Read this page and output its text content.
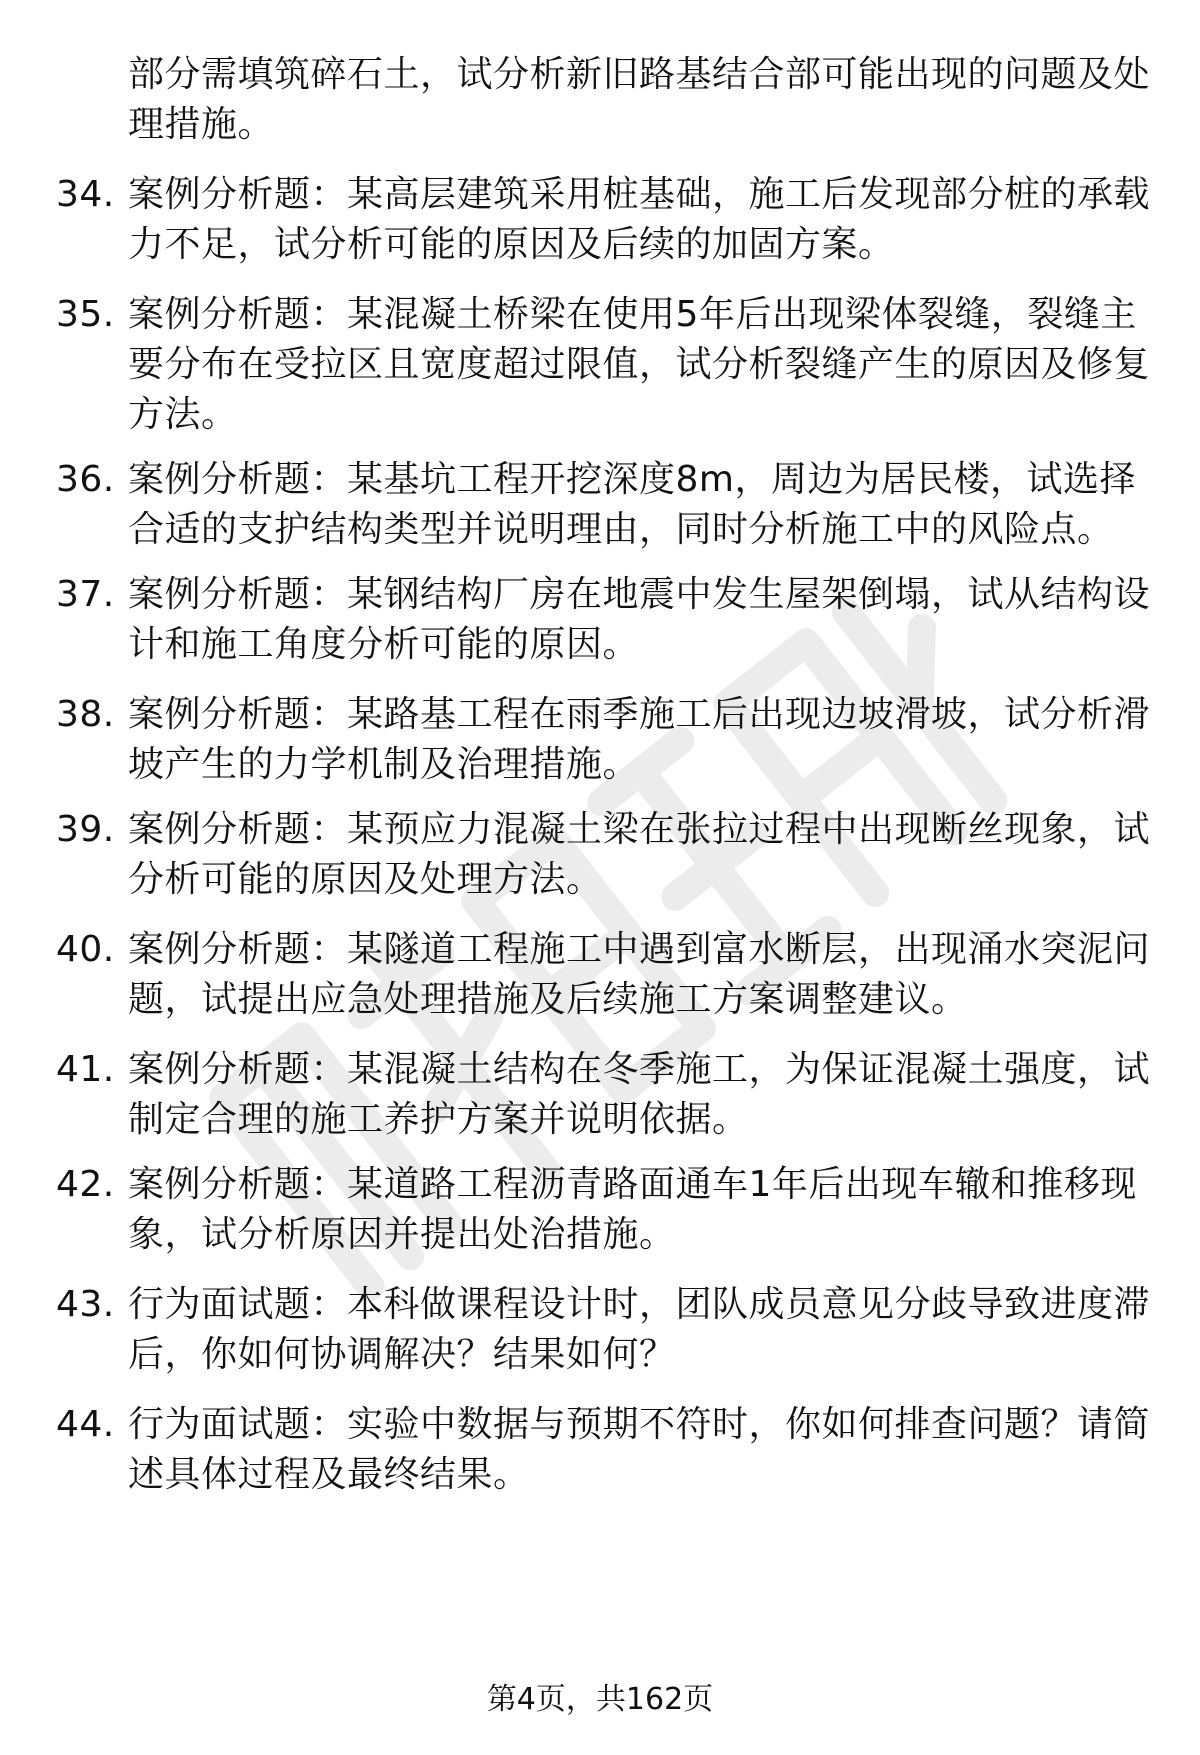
部分需填筑碎石土，试分析新旧路基结合部可能出现的问题及处理措施。
34. 案例分析题：某高层建筑采用桩基础，施工后发现部分桩的承载力不足，试分析可能的原因及后续的加固方案。
35. 案例分析题：某混凝土桥梁在使用5年后出现梁体裂缝，裂缝主要分布在受拉区且宽度超过限值，试分析裂缝产生的原因及修复方法。
36. 案例分析题：某基坑工程开挖深度8m，周边为居民楼，试选择合适的支护结构类型并说明理由，同时分析施工中的风险点。
37. 案例分析题：某钢结构厂房在地震中发生屋架倒塌，试从结构设计和施工角度分析可能的原因。
38. 案例分析题：某路基工程在雨季施工后出现边坡滑坡，试分析滑坡产生的力学机制及治理措施。
39. 案例分析题：某预应力混凝土梁在张拉过程中出现断丝现象，试分析可能的原因及处理方法。
40. 案例分析题：某隧道工程施工中遇到富水断层，出现涌水突泥问题，试提出应急处理措施及后续施工方案调整建议。
41. 案例分析题：某混凝土结构在冬季施工，为保证混凝土强度，试制定合理的施工养护方案并说明依据。
42. 案例分析题：某道路工程沥青路面通车1年后出现车辙和推移现象，试分析原因并提出处治措施。
43. 行为面试题：本科做课程设计时，团队成员意见分歧导致进度滞后，你如何协调解决？结果如何？
44. 行为面试题：实验中数据与预期不符时，你如何排查问题？请简述具体过程及最终结果。
第4页，共162页
